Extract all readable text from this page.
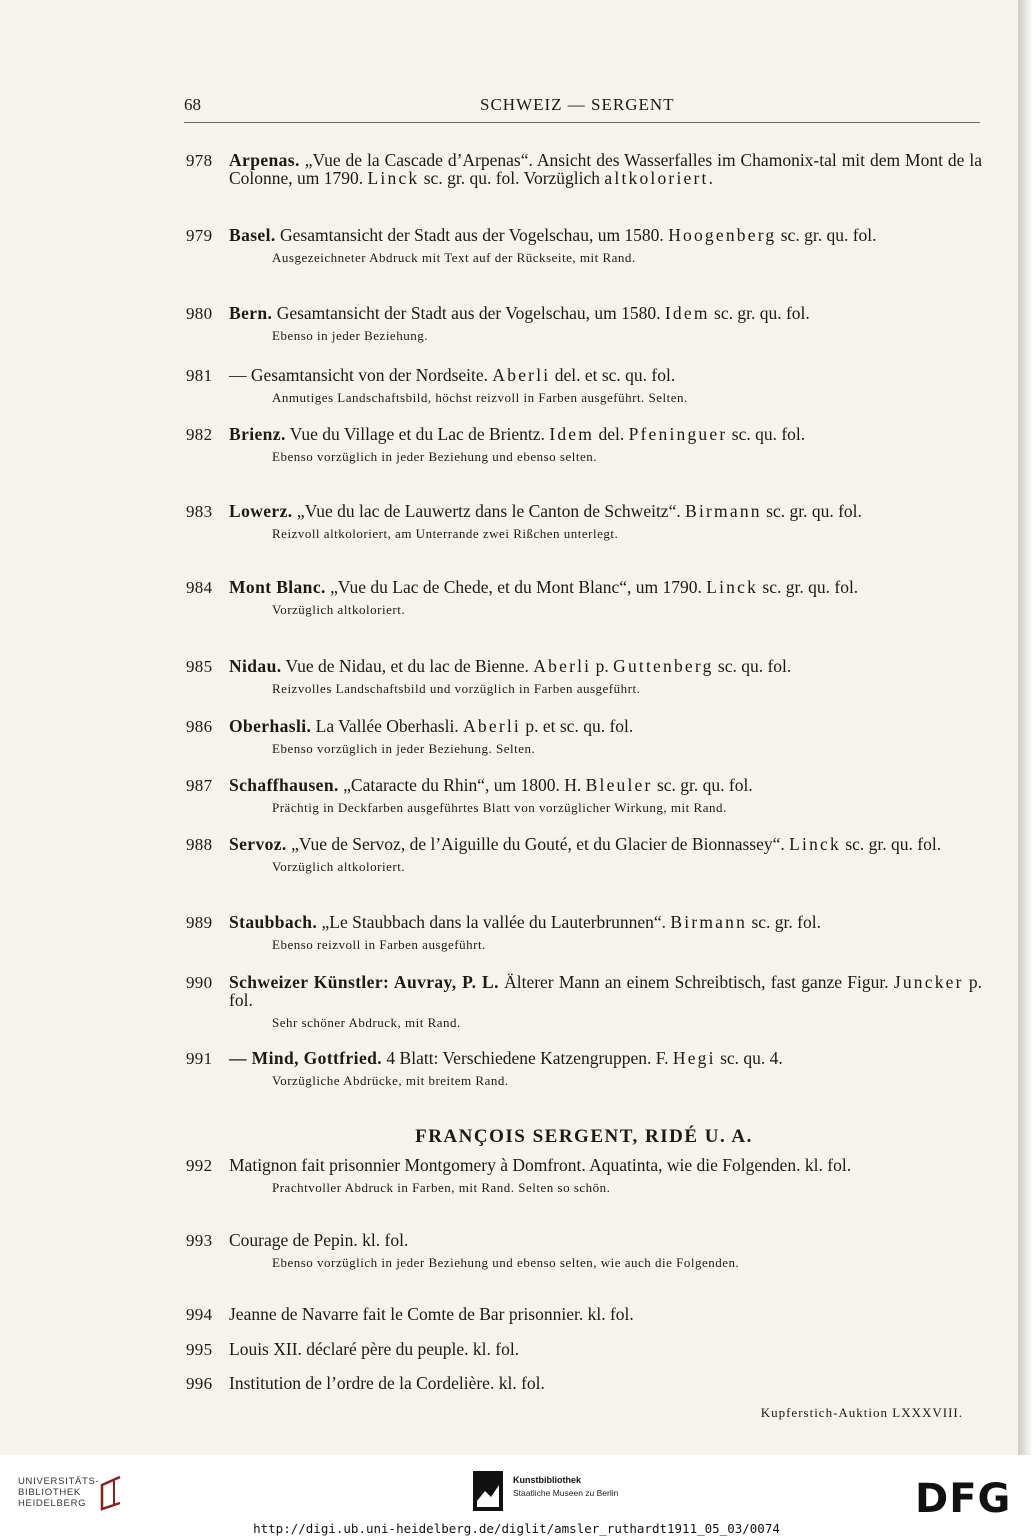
68	SCHWEIZ — SERGENT
978 Arpenas. „Vue de la Cascade d’Arpenas“. Ansicht des Wasserfalles im Chamonix-tal mit dem Mont de la Colonne, um 1790. Linck sc. gr. qu. fol. Vorzüglich altkoloriert.
979 Basel. Gesamtansicht der Stadt aus der Vogelschau, um 1580. Hoogenberg sc. gr. qu. fol.
Ausgezeichneter Abdruck mit Text auf der Rückseite, mit Rand.
980 Bern. Gesamtansicht der Stadt aus der Vogelschau, um 1580. Idem sc. gr. qu. fol.
Ebenso in jeder Beziehung.
981 — Gesamtansicht von der Nordseite. Aberli del. et sc. qu. fol.
Anmutiges Landschaftsbild, höchst reizvoll in Farben ausgeführt. Selten.
982 Brienz. Vue du Village et du Lac de Brientz. Idem del. Pfeninguer sc. qu. fol.
Ebenso vorzüglich in jeder Beziehung und ebenso selten.
983 Lowerz. „Vue du lac de Lauwertz dans le Canton de Schweitz“. Birmann sc. gr. qu. fol.
Reizvoll altkoloriert, am Unterrande zwei Rißchen unterlegt.
984 Mont Blanc. „Vue du Lac de Chede, et du Mont Blanc“, um 1790. Linck sc. gr. qu. fol.
Vorzüglich altkoloriert.
985 Nidau. Vue de Nidau, et du lac de Bienne. Aberli p. Guttenberg sc. qu. fol.
Reizvolles Landschaftsbild und vorzüglich in Farben ausgeführt.
986 Oberhasli. La Vallée Oberhasli. Aberli p. et sc. qu. fol.
Ebenso vorzüglich in jeder Beziehung. Selten.
987 Schaffhausen. „Cataracte du Rhin“, um 1800. H. Bleuler sc. gr. qu. fol.
Prächtig in Deckfarben ausgeführtes Blatt von vorzüglicher Wirkung, mit Rand.
988 Servoz. „Vue de Servoz, de l’Aiguille du Gouté, et du Glacier de Bionnassey“. Linck sc. gr. qu. fol.
Vorzüglich altkoloriert.
989 Staubbach. „Le Staubbach dans la vallée du Lauterbrunnen“. Birmann sc. gr. fol.
Ebenso reizvoll in Farben ausgeführt.
990 Schweizer Künstler: Auvray, P. L. Älterer Mann an einem Schreibtisch, fast ganze Figur. Juncker p. fol.
Sehr schöner Abdruck, mit Rand.
991 — Mind, Gottfried. 4 Blatt: Verschiedene Katzengruppen. F. Hegi sc. qu. 4.
Vorzügliche Abdrücke, mit breitem Rand.
FRANÇOIS SERGENT, RIDÉ U. A.
992 Matignon fait prisonnier Montgomery à Domfront. Aquatinta, wie die Folgenden. kl. fol.
Prachtvoller Abdruck in Farben, mit Rand. Selten so schön.
993 Courage de Pepin. kl. fol.
Ebenso vorzüglich in jeder Beziehung und ebenso selten, wie auch die Folgenden.
994 Jeanne de Navarre fait le Comte de Bar prisonnier. kl. fol.
995 Louis XII. déclaré père du peuple. kl. fol.
996 Institution de l’ordre de la Cordelière. kl. fol.
Kupferstich-Auktion LXXXVIII.
UNIVERSITÄTS-
BIBLIOTHEK
HEIDELBERG
Kunstbibliothek
Staatliche Museen zu Berlin	DFG
http://digi.ub.uni-heidelberg.de/diglit/amsler_ruthardt1911_05_03/0074
